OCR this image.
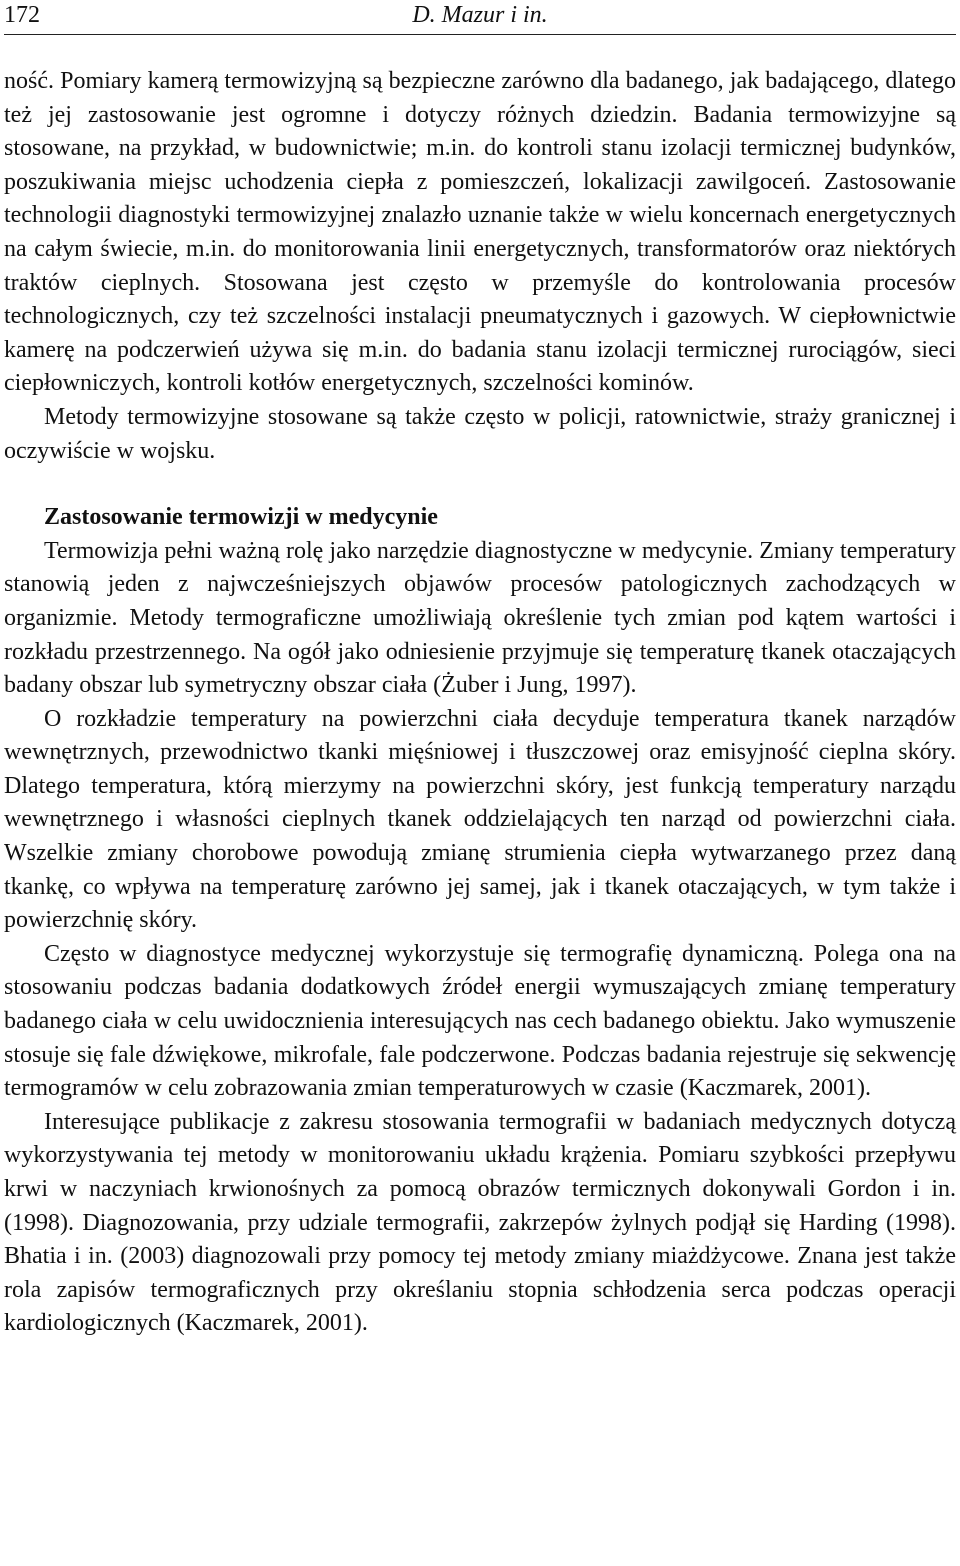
172	D. Mazur i in.

ność. Pomiary kamerą termowizyjną są bezpieczne zarówno dla badanego, jak badającego, dlatego też jej zastosowanie jest ogromne i dotyczy różnych dziedzin. Badania termowizyjne są stosowane, na przykład, w budownictwie; m.in. do kontroli stanu izolacji termicznej budynków, poszukiwania miejsc uchodzenia ciepła z pomieszczeń, lokalizacji zawilgoceń. Zastosowanie technologii diagnostyki termowizyjnej znalazło uznanie także w wielu koncernach energetycznych na całym świecie, m.in. do monitorowania linii energetycznych, transformatorów oraz niektórych traktów cieplnych. Stosowana jest często w przemyśle do kontrolowania procesów technologicznych, czy też szczelności instalacji pneumatycznych i gazowych. W ciepłownictwie kamerę na podczerwień używa się m.in. do badania stanu izolacji termicznej rurociągów, sieci ciepłowniczych, kontroli kotłów energetycznych, szczelności kominów.

Metody termowizyjne stosowane są także często w policji, ratownictwie, straży granicznej i oczywiście w wojsku.

Zastosowanie termowizji w medycynie

Termowizja pełni ważną rolę jako narzędzie diagnostyczne w medycynie. Zmiany temperatury stanowią jeden z najwcześniejszych objawów procesów patologicznych zachodzących w organizmie. Metody termograficzne umożliwiają określenie tych zmian pod kątem wartości i rozkładu przestrzennego. Na ogół jako odniesienie przyjmuje się temperaturę tkanek otaczających badany obszar lub symetryczny obszar ciała (Żuber i Jung, 1997).

O rozkładzie temperatury na powierzchni ciała decyduje temperatura tkanek narządów wewnętrznych, przewodnictwo tkanki mięśniowej i tłuszczowej oraz emisyjność cieplna skóry. Dlatego temperatura, którą mierzymy na powierzchni skóry, jest funkcją temperatury narządu wewnętrznego i własności cieplnych tkanek oddzielających ten narząd od powierzchni ciała. Wszelkie zmiany chorobowe powodują zmianę strumienia ciepła wytwarzanego przez daną tkankę, co wpływa na temperaturę zarówno jej samej, jak i tkanek otaczających, w tym także i powierzchnię skóry.

Często w diagnostyce medycznej wykorzystuje się termografię dynamiczną. Polega ona na stosowaniu podczas badania dodatkowych źródeł energii wymuszających zmianę temperatury badanego ciała w celu uwidocznienia interesujących nas cech badanego obiektu. Jako wymuszenie stosuje się fale dźwiękowe, mikrofale, fale podczerwone. Podczas badania rejestruje się sekwencję termogramów w celu zobrazowania zmian temperaturowych w czasie (Kaczmarek, 2001).

Interesujące publikacje z zakresu stosowania termografii w badaniach medycznych dotyczą wykorzystywania tej metody w monitorowaniu układu krążenia. Pomiaru szybkości przepływu krwi w naczyniach krwionośnych za pomocą obrazów termicznych dokonywali Gordon i in. (1998). Diagnozowania, przy udziale termografii, zakrzepów żylnych podjął się Harding (1998). Bhatia i in. (2003) diagnozowali przy pomocy tej metody zmiany miażdżycowe. Znana jest także rola zapisów termograficznych przy określaniu stopnia schłodzenia serca podczas operacji kardiologicznych (Kaczmarek, 2001).
